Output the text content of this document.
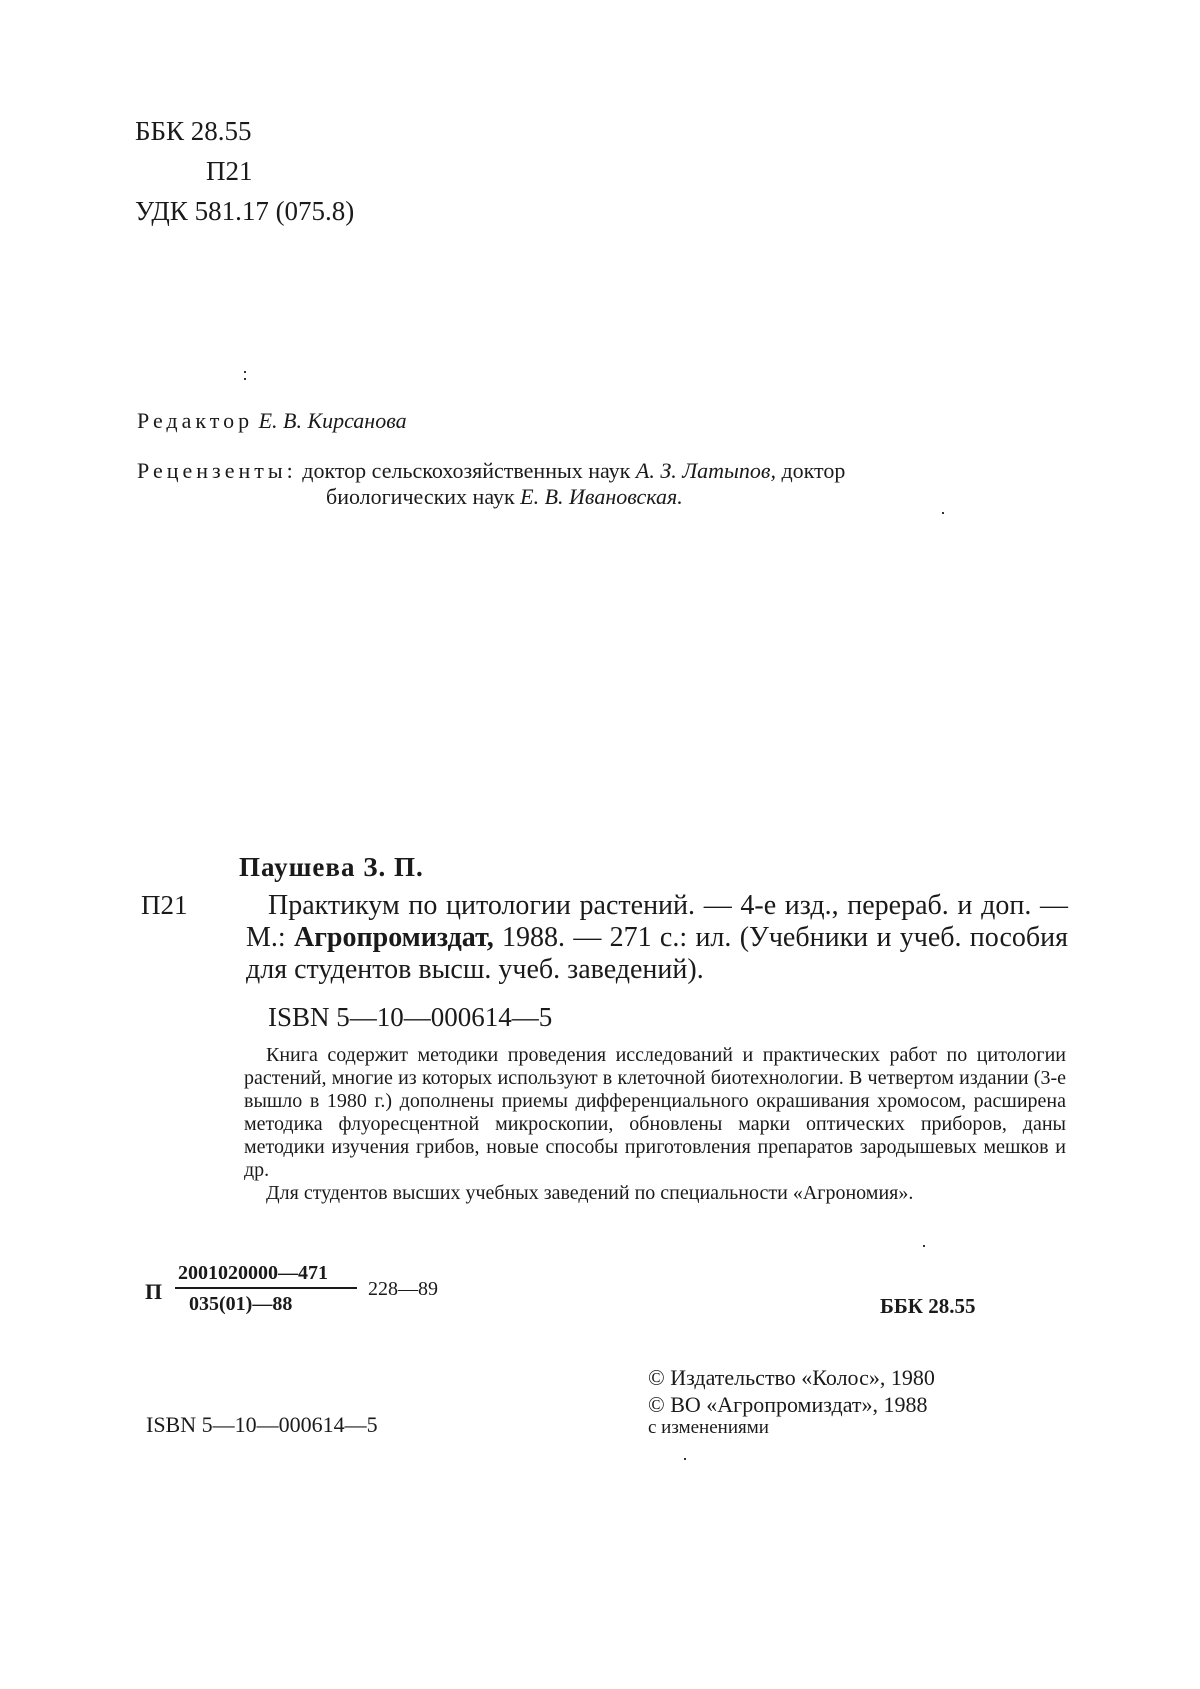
ББК 28.55
П21
УДК 581.17 (075.8)
Редактор Е. В. Кирсанова
Рецензенты: доктор сельскохозяйственных наук А. З. Латыпов, доктор
биологических наук Е. В. Ивановская.
Паушева З. П.
П21	Практикум по цитологии растений. — 4-е изд., перераб. и доп. — М.: Агропромиздат, 1988. — 271 с.: ил. (Учебники и учеб. пособия для студентов высш. учеб. заведений).
ISBN 5—10—000614—5

Книга содержит методики проведения исследований и практических работ по цитологии растений, многие из которых используют в клеточной биотехнологии. В четвертом издании (3-е вышло в 1980 г.) дополнены приемы дифференциального окрашивания хромосом, расширена методика флуоресцентной микроскопии, обновлены марки оптических приборов, даны методики изучения грибов, новые способы приготовления препаратов зародышевых мешков и др.

Для студентов высших учебных заведений по специальности «Агрономия».

П
2001020000—471
035(01)—88
228—89
ББК 28.55
© Издательство «Колос», 1980
© ВО «Агропромиздат», 1988
с изменениями
ISBN 5—10—000614—5
